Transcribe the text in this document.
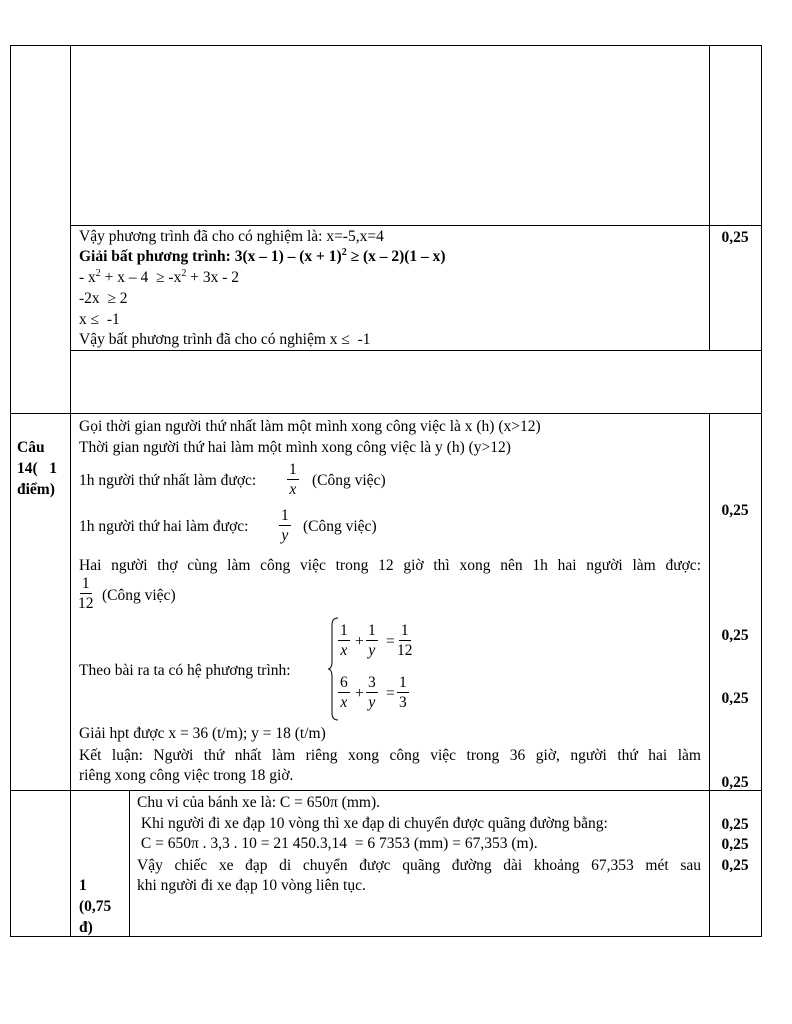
Vậy phương trình đã cho có nghiệm là: x=-5,x=4
Giải bất phương trình: $3(x - 1) - (x + 1)^2 \ge (x - 2)(1 - x)$
- $x^2 + x - 4 \ge -x^2 + 3x - 2$
-2x  ≥ 2
x ≤  -1
Vậy bất phương trình đã cho có nghiệm x ≤  -1
0,25
Câu
14(   1
điểm)
Gọi thời gian người thứ nhất làm một mình xong công việc là x (h) (x>12)
Thời gian người thứ hai làm một mình xong công việc là y (h) (y>12)
1h người thứ nhất làm được: $\frac{1}{x}$ (Công việc)
1h người thứ hai làm được: $\frac{1}{y}$ (Công việc)
Hai người thợ cùng làm công việc trong 12 giờ thì xong nên 1h hai người làm được:
$\frac{1}{12}$ (Công việc)
Theo bài ra ta có hệ phương trình:
$\frac{1}{x} + \frac{1}{y} = \frac{1}{12}$
$\frac{6}{x} + \frac{3}{y} = \frac{1}{3}$
Giải hpt được x = 36 (t/m); y = 18 (t/m)
Kết luận: Người thứ nhất làm riêng xong công việc trong 36 giờ, người thứ hai làm
riêng xong công việc trong 18 giờ.
0,25
0,25
0,25
0,25
1
(0,75
đ)
Chu vi của bánh xe là: C = 650π (mm).
Khi người đi xe đạp 10 vòng thì xe đạp di chuyển được quãng đường bằng:
C = 650π . 3,3 . 10 = 21 450.3,14  = 6 7353 (mm) = 67,353 (m).
Vậy chiếc xe đạp di chuyển được quãng đường dài khoảng 67,353 mét sau
khi người đi xe đạp 10 vòng liên tục.
0,25
0,25
0,25
